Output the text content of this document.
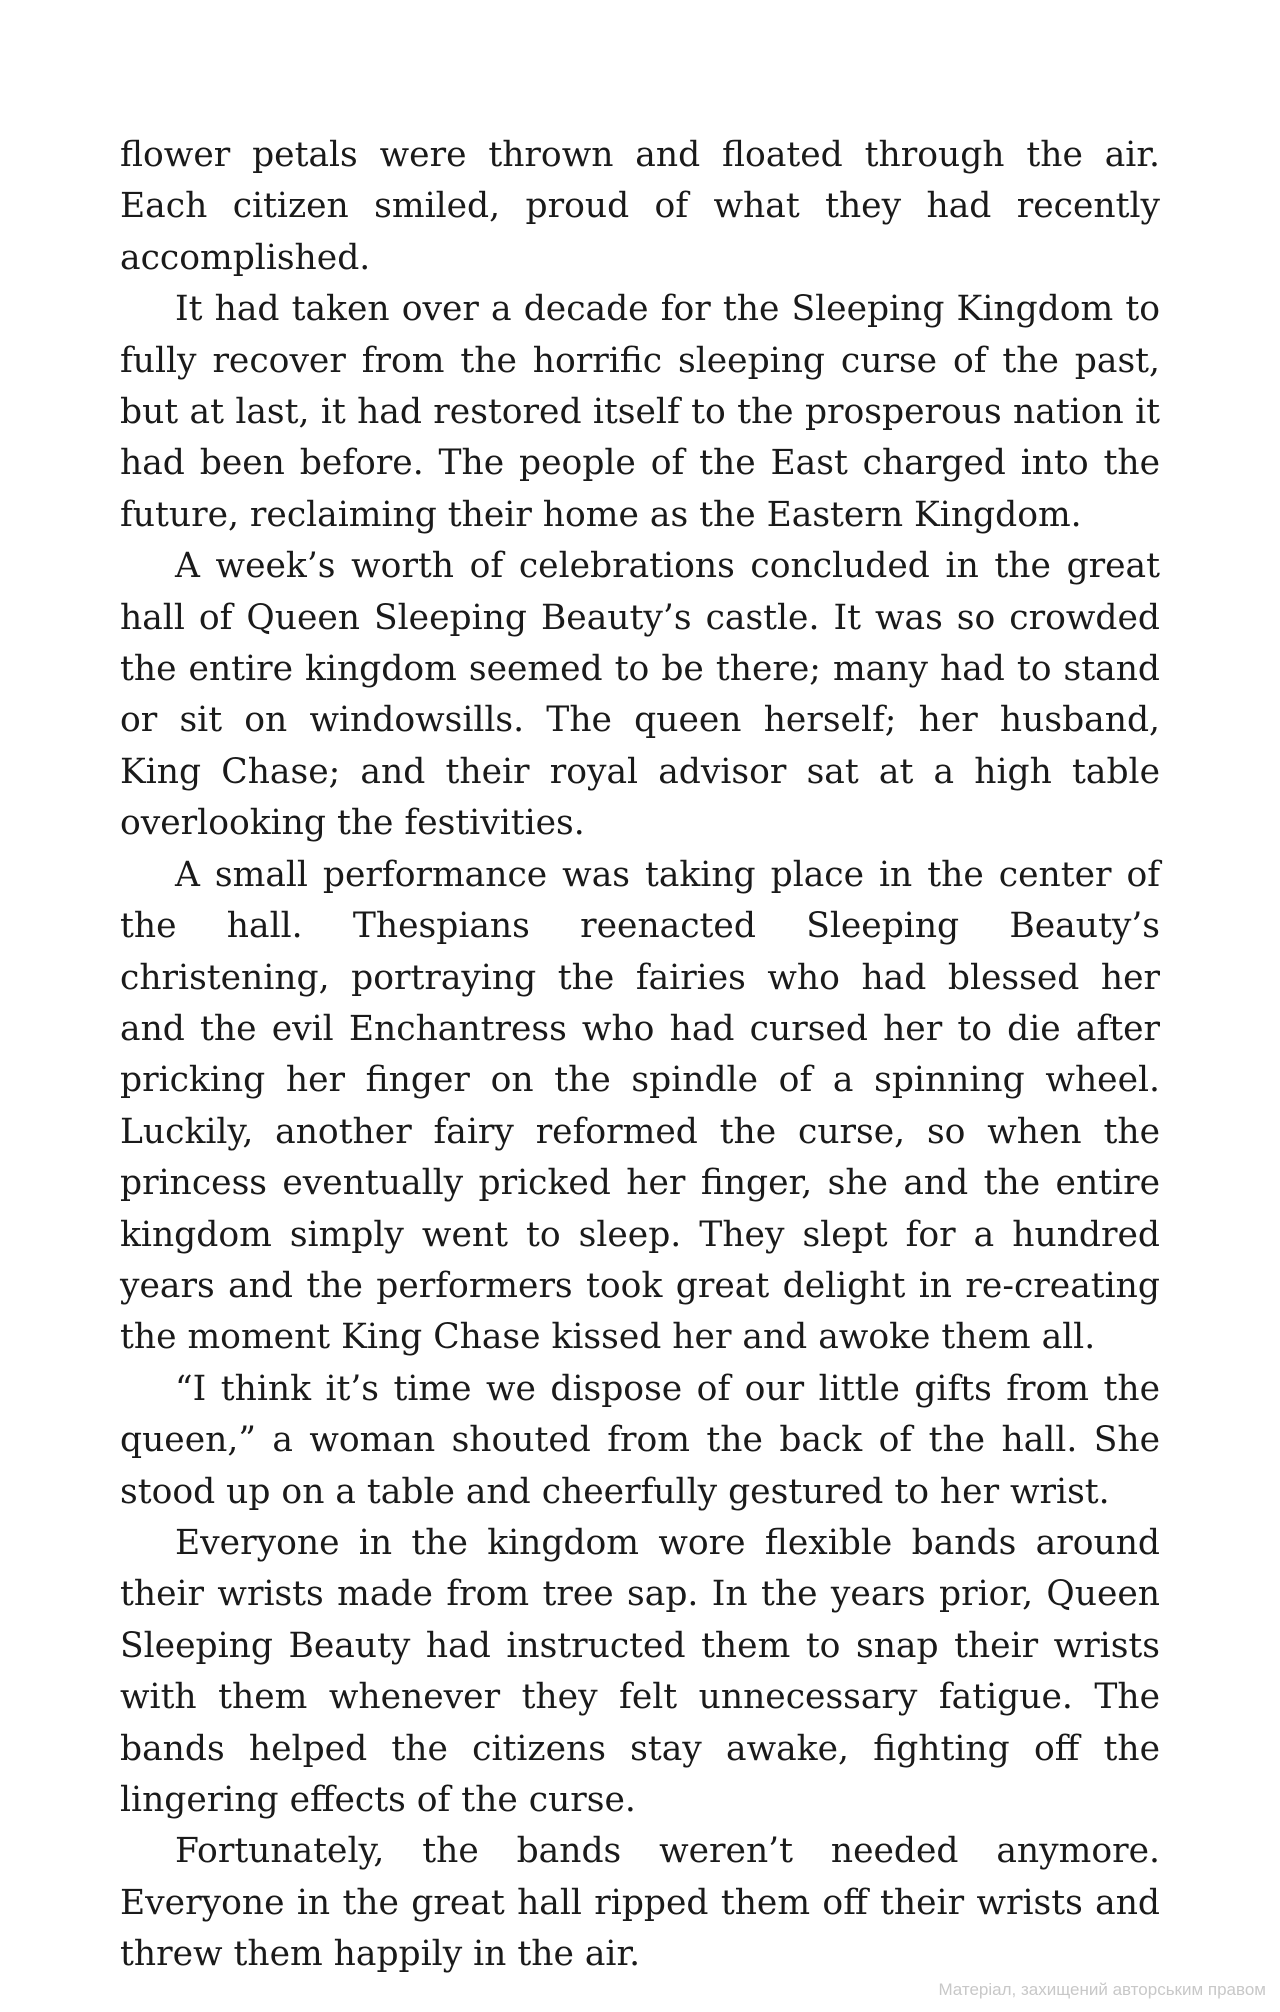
flower petals were thrown and floated through the air. Each citizen smiled, proud of what they had recently accomplished.

It had taken over a decade for the Sleeping Kingdom to fully recover from the horrific sleeping curse of the past, but at last, it had restored itself to the prosperous nation it had been before. The people of the East charged into the future, reclaiming their home as the Eastern Kingdom.

A week’s worth of celebrations concluded in the great hall of Queen Sleeping Beauty’s castle. It was so crowded the entire kingdom seemed to be there; many had to stand or sit on windowsills. The queen herself; her husband, King Chase; and their royal advisor sat at a high table overlooking the festivities.

A small performance was taking place in the center of the hall. Thespians reenacted Sleeping Beauty’s christening, portraying the fairies who had blessed her and the evil Enchantress who had cursed her to die after pricking her finger on the spindle of a spinning wheel. Luckily, another fairy reformed the curse, so when the princess eventually pricked her finger, she and the entire kingdom simply went to sleep. They slept for a hundred years and the performers took great delight in re-creating the moment King Chase kissed her and awoke them all.

“I think it’s time we dispose of our little gifts from the queen,” a woman shouted from the back of the hall. She stood up on a table and cheerfully gestured to her wrist.

Everyone in the kingdom wore flexible bands around their wrists made from tree sap. In the years prior, Queen Sleeping Beauty had instructed them to snap their wrists with them whenever they felt unnecessary fatigue. The bands helped the citizens stay awake, fighting off the lingering effects of the curse.

Fortunately, the bands weren’t needed anymore. Everyone in the great hall ripped them off their wrists and threw them happily in the air.

Матеріал, захищений авторським правом
